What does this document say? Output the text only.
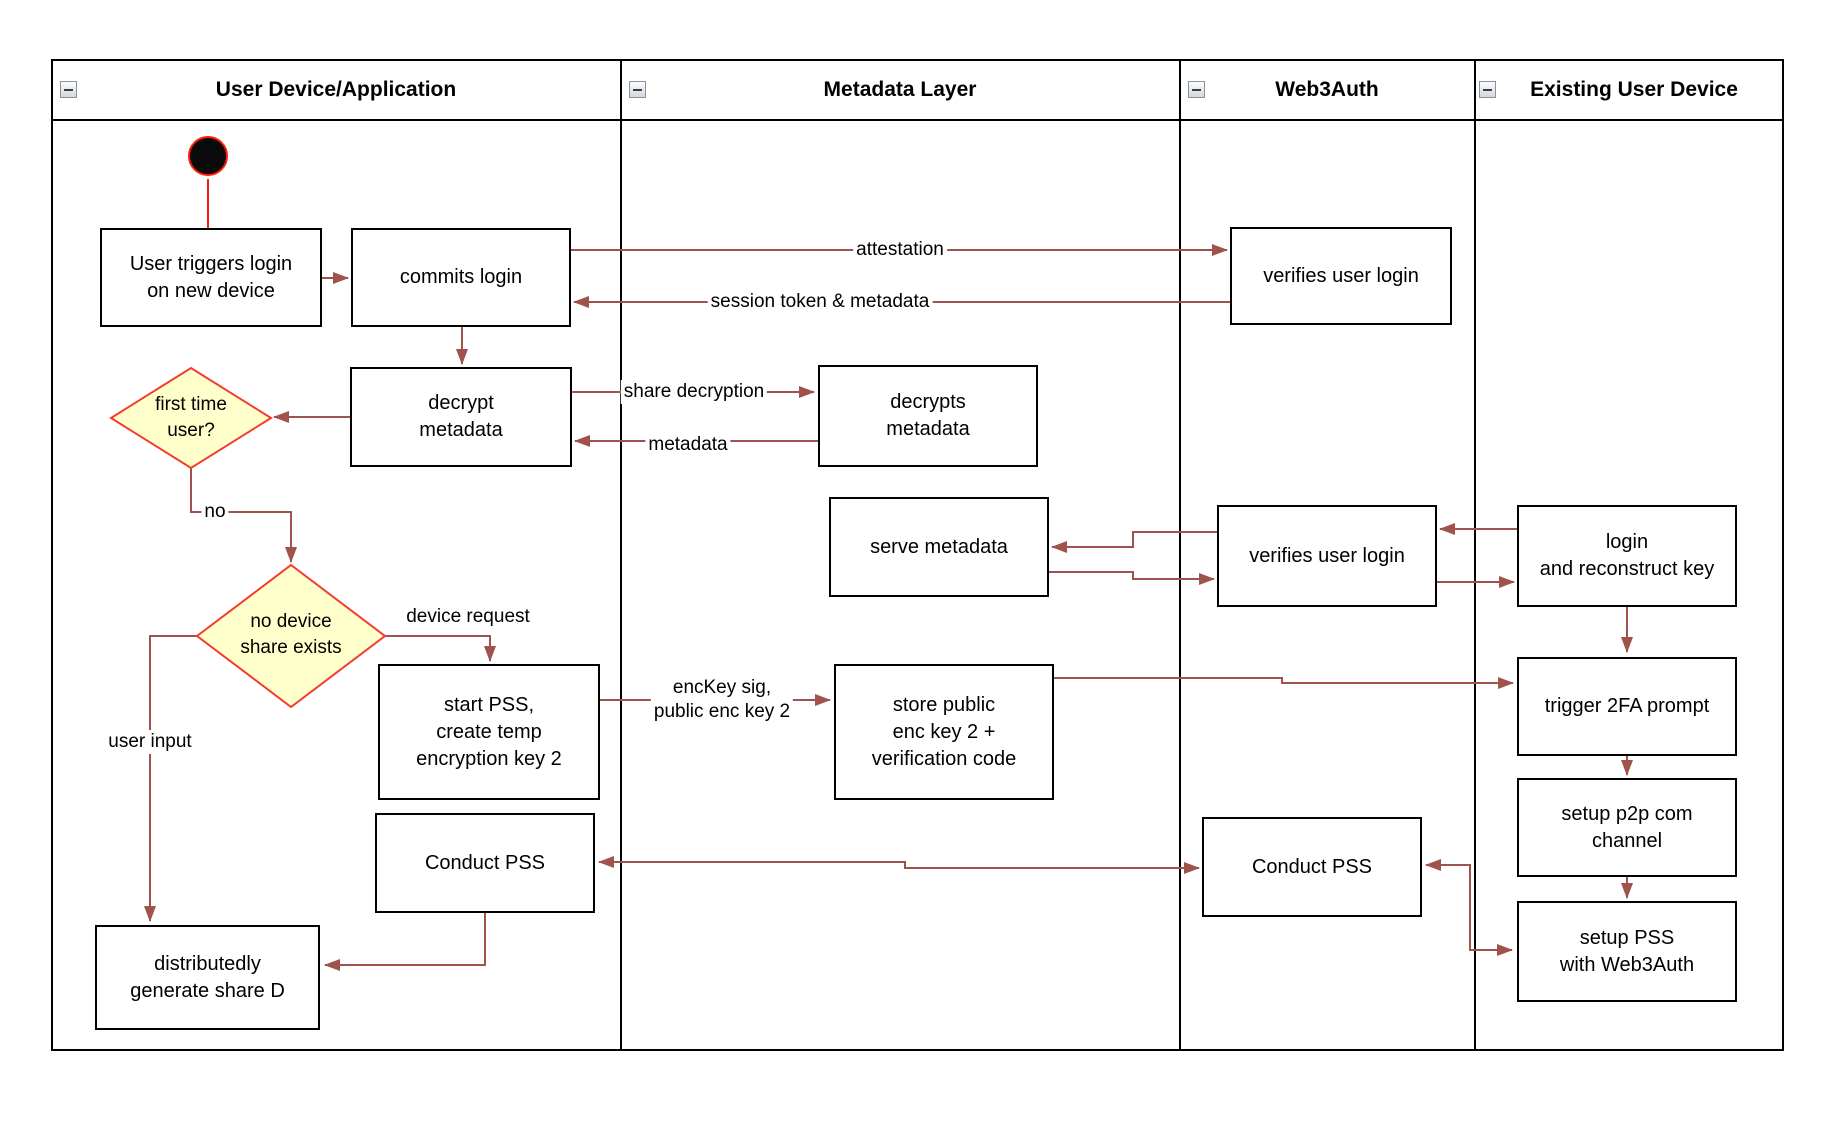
User Device/Application	Metadata Layer	Web3Auth	Existing User Device
User triggers login
on new device
commits login
decrypt
metadata
start PSS,
create temp
encryption key 2
Conduct PSS
distributedly
generate share D
decrypts
metadata
serve metadata
store public
enc key 2 +
verification code
verifies user login
verifies user login
Conduct PSS
login
and reconstruct key
trigger 2FA prompt
setup p2p com
channel
setup PSS
with Web3Auth
first time
user?
no device
share exists
attestation
session token & metadata
share decryption
metadata
no
device request
encKey sig,
public enc key 2
user input
